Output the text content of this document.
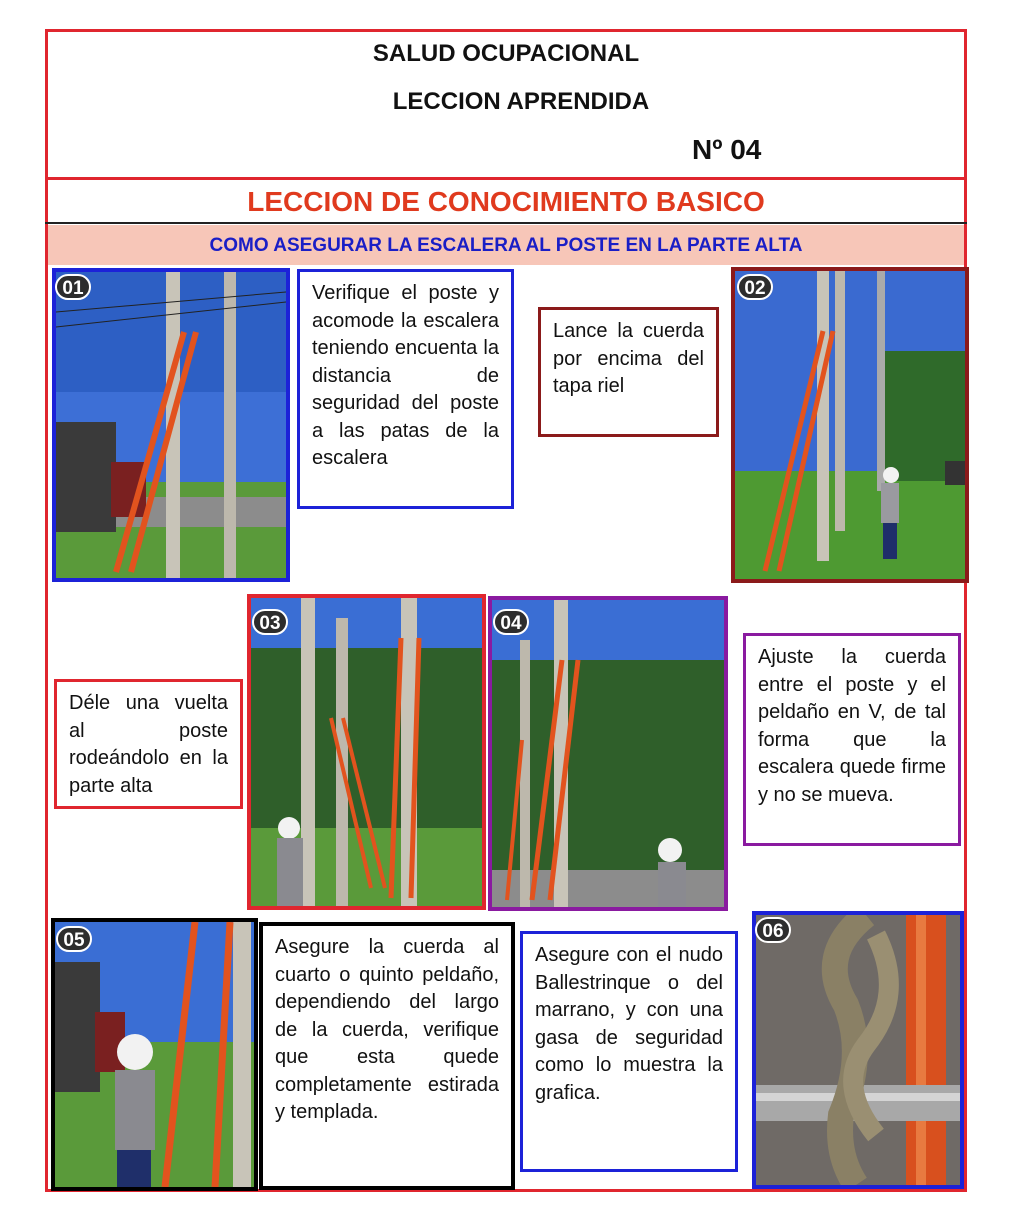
SALUD OCUPACIONAL
LECCION APRENDIDA
Nº 04
LECCION DE CONOCIMIENTO BASICO
COMO ASEGURAR LA ESCALERA AL POSTE EN LA PARTE ALTA
01	Verifique el poste y acomode la escalera teniendo encuenta la distancia de seguridad del poste a las patas de la escalera
Lance la cuerda por encima del tapa riel
02
Déle una vuelta al poste rodeándolo en la parte alta
03	04
Ajuste la cuerda entre el poste y el peldaño en V, de tal forma que la escalera quede firme y no se mueva.
05	Asegure la cuerda al cuarto o quinto peldaño, dependiendo del largo de la cuerda, verifique que esta quede completamente estirada y templada.
Asegure con el nudo Ballestrinque o del marrano, y con una gasa de seguridad como lo muestra la grafica.
06
